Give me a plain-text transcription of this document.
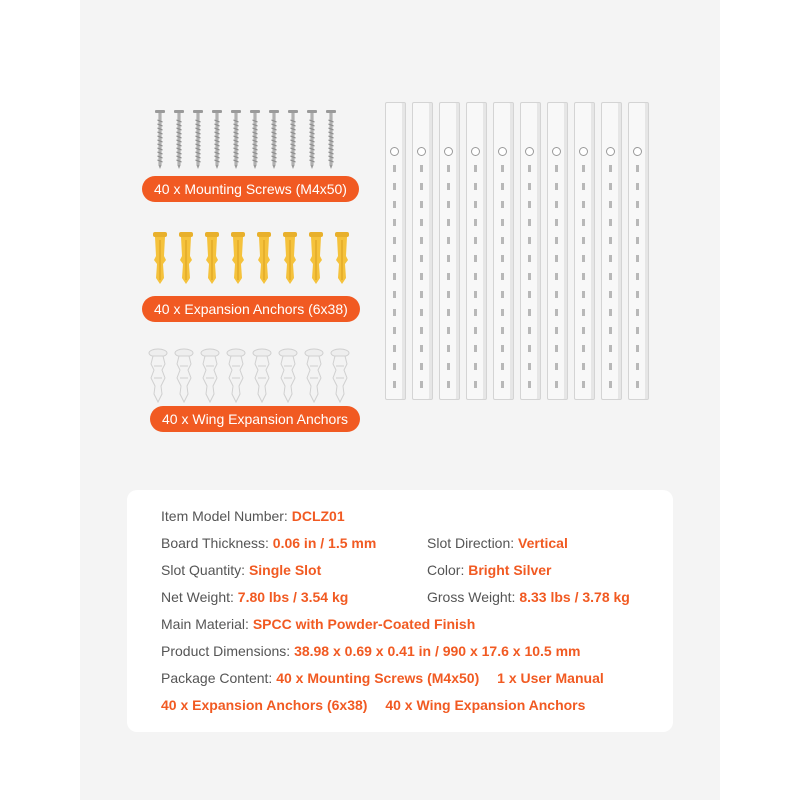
40 x Mounting Screws (M4x50)
40 x Expansion Anchors (6x38)
40 x Wing Expansion Anchors
Item Model Number: DCLZ01
Board Thickness: 0.06 in / 1.5 mm	Slot Direction: Vertical
Slot Quantity: Single Slot	Color: Bright Silver
Net Weight: 7.80 lbs / 3.54 kg	Gross Weight: 8.33 lbs / 3.78 kg
Main Material: SPCC with Powder-Coated Finish
Product Dimensions: 38.98 x 0.69 x 0.41 in / 990 x 17.6 x 10.5 mm
Package Content: 40 x Mounting Screws (M4x50) 1 x User Manual
40 x Expansion Anchors (6x38) 40 x Wing Expansion Anchors
